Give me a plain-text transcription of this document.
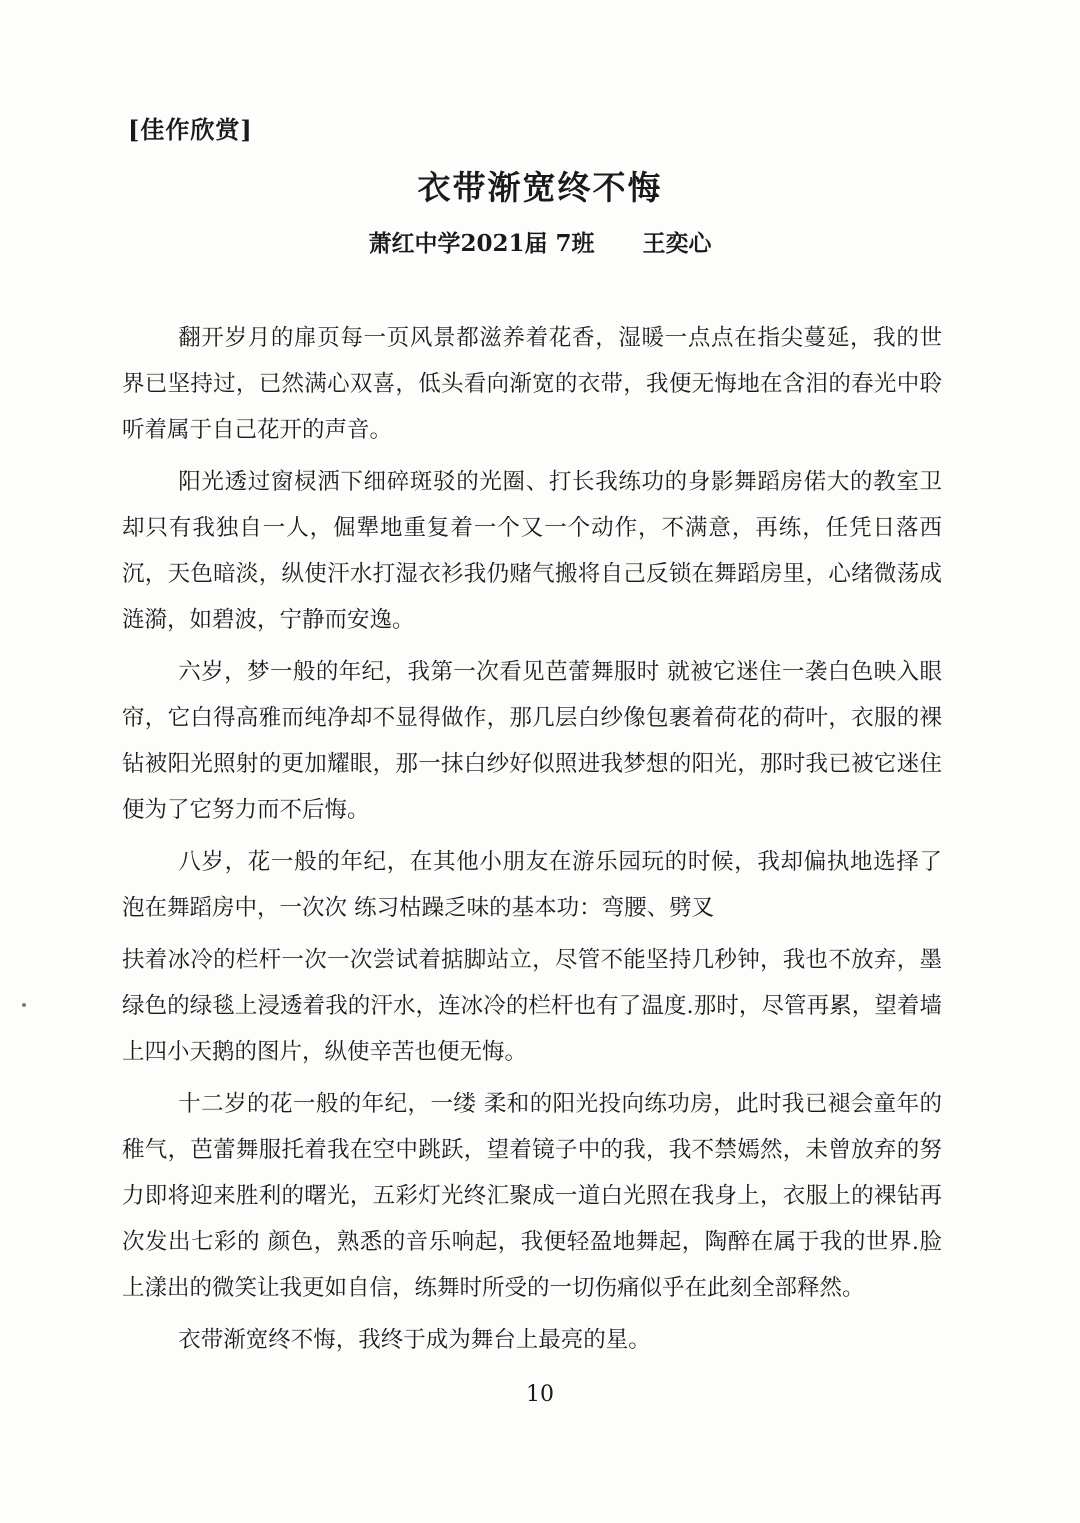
[佳作欣赏]
衣带渐宽终不悔
萧红中学2021届 7班      王奕心

翻开岁月的扉页每一页风景都滋养着花香，湿暖一点点在指尖蔓延，我的世界已坚持过，已然满心双喜，低头看向渐宽的衣带，我便无悔地在含泪的春光中聆听着属于自己花开的声音。

阳光透过窗棂洒下细碎斑驳的光圈、打长我练功的身影舞蹈房偌大的教室卫却只有我独自一人，倔犟地重复着一个又一个动作，不满意，再练，任凭日落西沉，天色暗淡，纵使汗水打湿衣衫我仍赌气搬将自己反锁在舞蹈房里，心绪微荡成涟漪，如碧波，宁静而安逸。

六岁，梦一般的年纪，我第一次看见芭蕾舞服时 就被它迷住一袭白色映入眼帘，它白得高雅而纯净却不显得做作，那几层白纱像包裹着荷花的荷叶，衣服的裸钻被阳光照射的更加耀眼，那一抹白纱好似照进我梦想的阳光，那时我已被它迷住便为了它努力而不后悔。

八岁，花一般的年纪，在其他小朋友在游乐园玩的时候，我却偏执地选择了泡在舞蹈房中，一次次 练习枯躁乏味的基本功：弯腰、劈叉

扶着冰冷的栏杆一次一次尝试着掂脚站立，尽管不能坚持几秒钟，我也不放弃，墨绿色的绿毯上浸透着我的汗水，连冰冷的栏杆也有了温度.那时，尽管再累，望着墙上四小天鹅的图片，纵使辛苦也便无悔。

十二岁的花一般的年纪，一缕 柔和的阳光投向练功房，此时我已褪会童年的稚气，芭蕾舞服托着我在空中跳跃，望着镜子中的我，我不禁嫣然，未曾放弃的努力即将迎来胜利的曙光，五彩灯光终汇聚成一道白光照在我身上，衣服上的裸钻再次发出七彩的 颜色，熟悉的音乐响起，我便轻盈地舞起，陶醉在属于我的世界.脸上漾出的微笑让我更如自信，练舞时所受的一切伤痛似乎在此刻全部释然。

衣带渐宽终不悔，我终于成为舞台上最亮的星。

10
